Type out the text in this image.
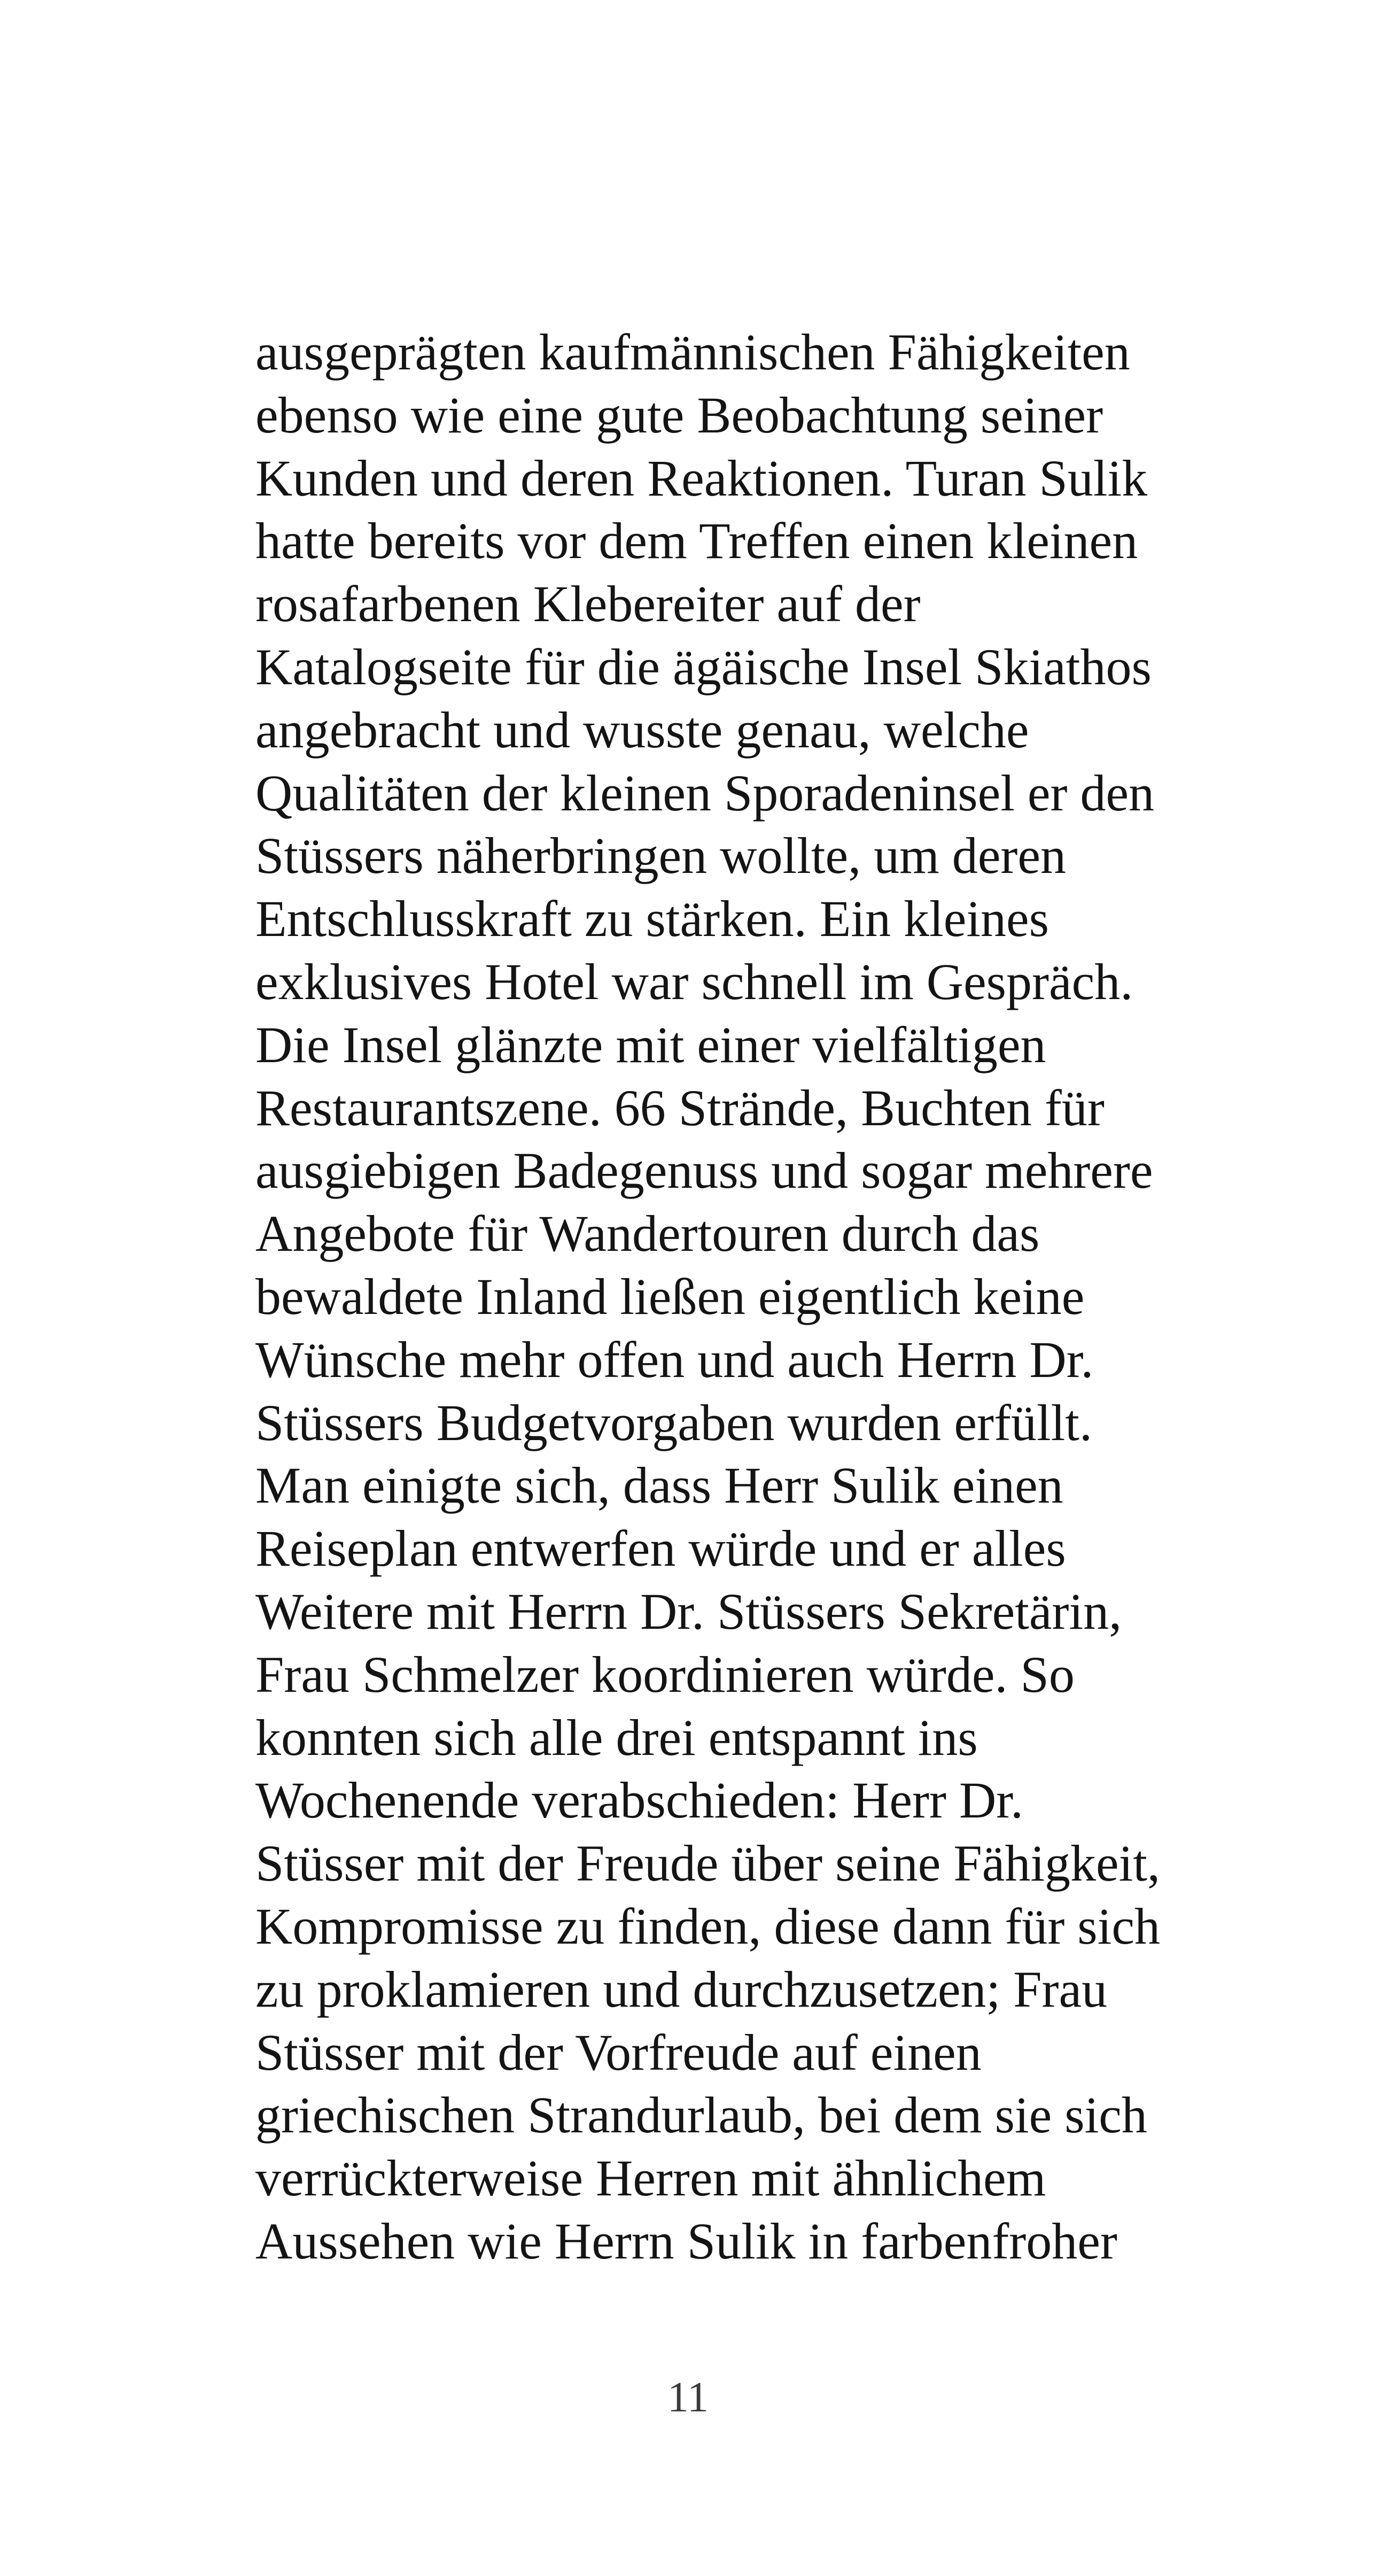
ausgeprägten kaufmännischen Fähigkeiten
ebenso wie eine gute Beobachtung seiner
Kunden und deren Reaktionen. Turan Sulik
hatte bereits vor dem Treffen einen kleinen
rosafarbenen Klebereiter auf der
Katalogseite für die ägäische Insel Skiathos
angebracht und wusste genau, welche
Qualitäten der kleinen Sporadeninsel er den
Stüssers näherbringen wollte, um deren
Entschlusskraft zu stärken. Ein kleines
exklusives Hotel war schnell im Gespräch.
Die Insel glänzte mit einer vielfältigen
Restaurantszene. 66 Strände, Buchten für
ausgiebigen Badegenuss und sogar mehrere
Angebote für Wandertouren durch das
bewaldete Inland ließen eigentlich keine
Wünsche mehr offen und auch Herrn Dr.
Stüssers Budgetvorgaben wurden erfüllt.
Man einigte sich, dass Herr Sulik einen
Reiseplan entwerfen würde und er alles
Weitere mit Herrn Dr. Stüssers Sekretärin,
Frau Schmelzer koordinieren würde. So
konnten sich alle drei entspannt ins
Wochenende verabschieden: Herr Dr.
Stüsser mit der Freude über seine Fähigkeit,
Kompromisse zu finden, diese dann für sich
zu proklamieren und durchzusetzen; Frau
Stüsser mit der Vorfreude auf einen
griechischen Strandurlaub, bei dem sie sich
verrückterweise Herren mit ähnlichem
Aussehen wie Herrn Sulik in farbenfroher
11
